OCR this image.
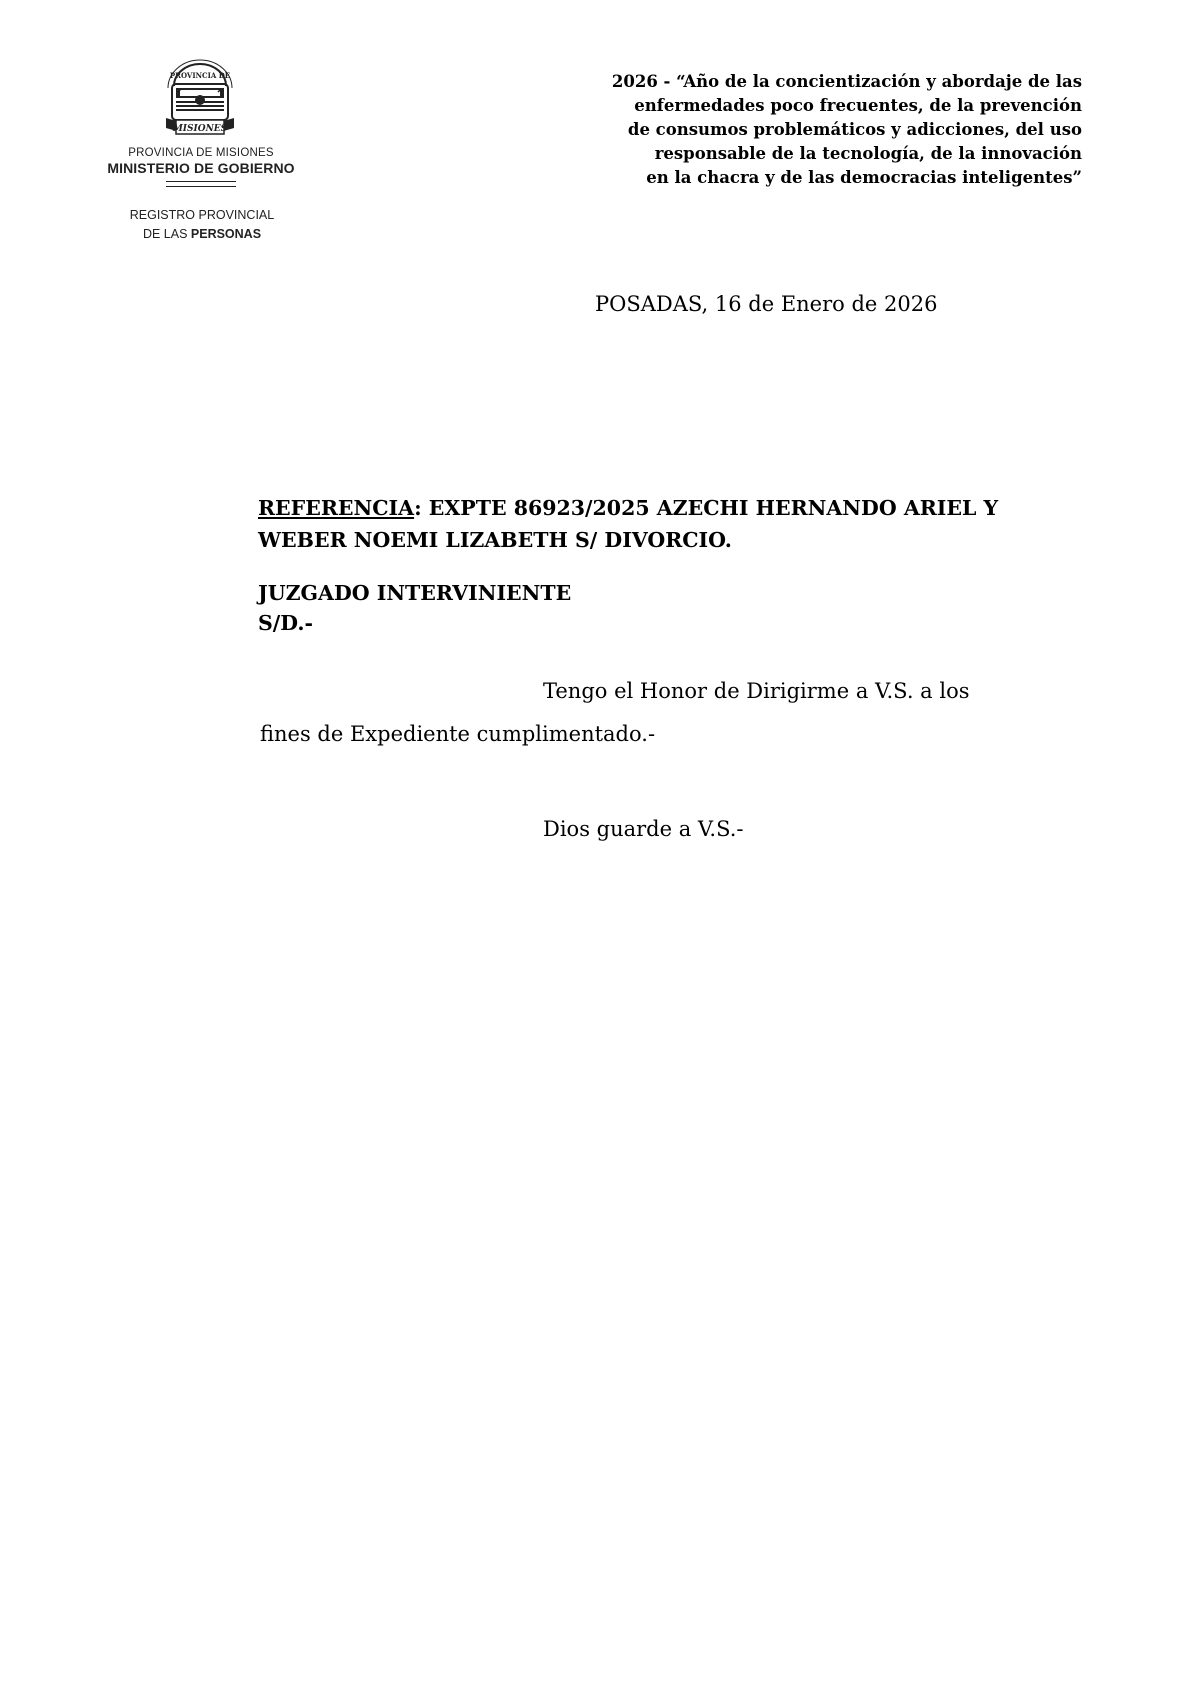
PROVINCIA DE
MISIONES
PROVINCIA DE MISIONES
MINISTERIO DE GOBIERNO
REGISTRO PROVINCIAL
DE LAS PERSONAS
2026 - “Año de la concientización y abordaje de las
enfermedades poco frecuentes, de la prevención
de consumos problemáticos y adicciones, del uso
responsable de la tecnología, de la innovación
en la chacra y de las democracias inteligentes”
POSADAS, 16 de Enero de 2026
REFERENCIA: EXPTE 86923/2025 AZECHI HERNANDO ARIEL Y
WEBER NOEMI LIZABETH S/ DIVORCIO.
JUZGADO INTERVINIENTE
S/D.-
Tengo el Honor de Dirigirme a V.S. a los
fines de Expediente cumplimentado.-
Dios guarde a V.S.-
